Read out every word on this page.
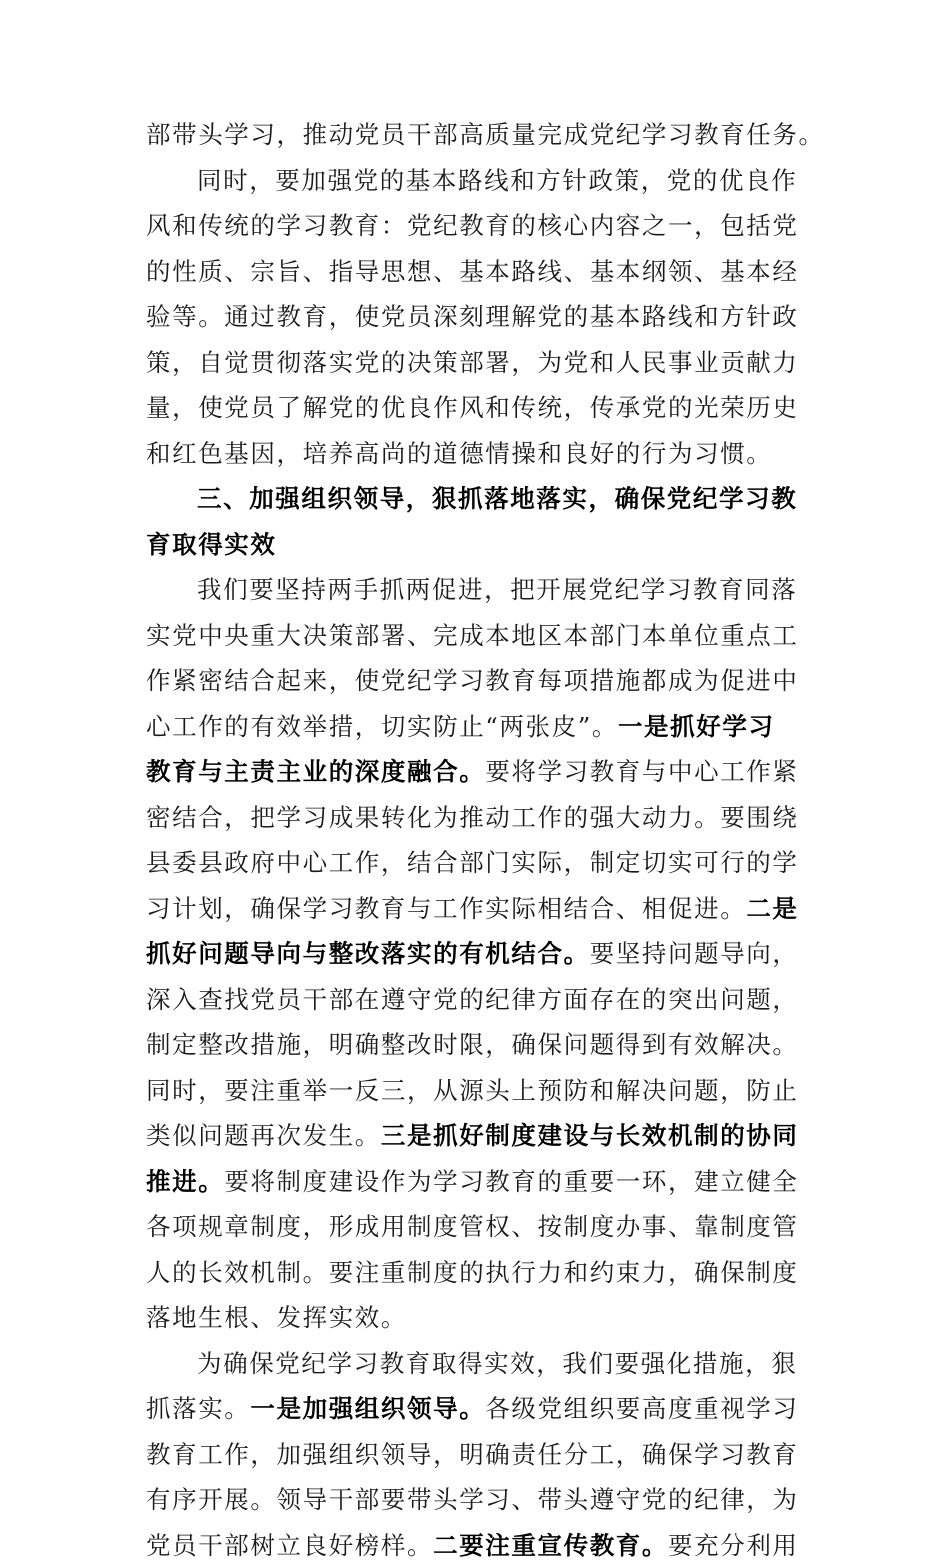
部带头学习，推动党员干部高质量完成党纪学习教育任务。
同时，要加强党的基本路线和方针政策，党的优良作
风和传统的学习教育：党纪教育的核心内容之一，包括党
的性质、宗旨、指导思想、基本路线、基本纲领、基本经
验等。通过教育，使党员深刻理解党的基本路线和方针政
策，自觉贯彻落实党的决策部署，为党和人民事业贡献力
量，使党员了解党的优良作风和传统，传承党的光荣历史
和红色基因，培养高尚的道德情操和良好的行为习惯。
三、加强组织领导，狠抓落地落实，确保党纪学习教
育取得实效
我们要坚持两手抓两促进，把开展党纪学习教育同落
实党中央重大决策部署、完成本地区本部门本单位重点工
作紧密结合起来，使党纪学习教育每项措施都成为促进中
心工作的有效举措，切实防止“两张皮”。一是抓好学习
教育与主责主业的深度融合。要将学习教育与中心工作紧
密结合，把学习成果转化为推动工作的强大动力。要围绕
县委县政府中心工作，结合部门实际，制定切实可行的学
习计划，确保学习教育与工作实际相结合、相促进。二是
抓好问题导向与整改落实的有机结合。要坚持问题导向，
深入查找党员干部在遵守党的纪律方面存在的突出问题，
制定整改措施，明确整改时限，确保问题得到有效解决。
同时，要注重举一反三，从源头上预防和解决问题，防止
类似问题再次发生。三是抓好制度建设与长效机制的协同
推进。要将制度建设作为学习教育的重要一环，建立健全
各项规章制度，形成用制度管权、按制度办事、靠制度管
人的长效机制。要注重制度的执行力和约束力，确保制度
落地生根、发挥实效。
为确保党纪学习教育取得实效，我们要强化措施，狠
抓落实。一是加强组织领导。各级党组织要高度重视学习
教育工作，加强组织领导，明确责任分工，确保学习教育
有序开展。领导干部要带头学习、带头遵守党的纪律，为
党员干部树立良好榜样。二要注重宣传教育。要充分利用
